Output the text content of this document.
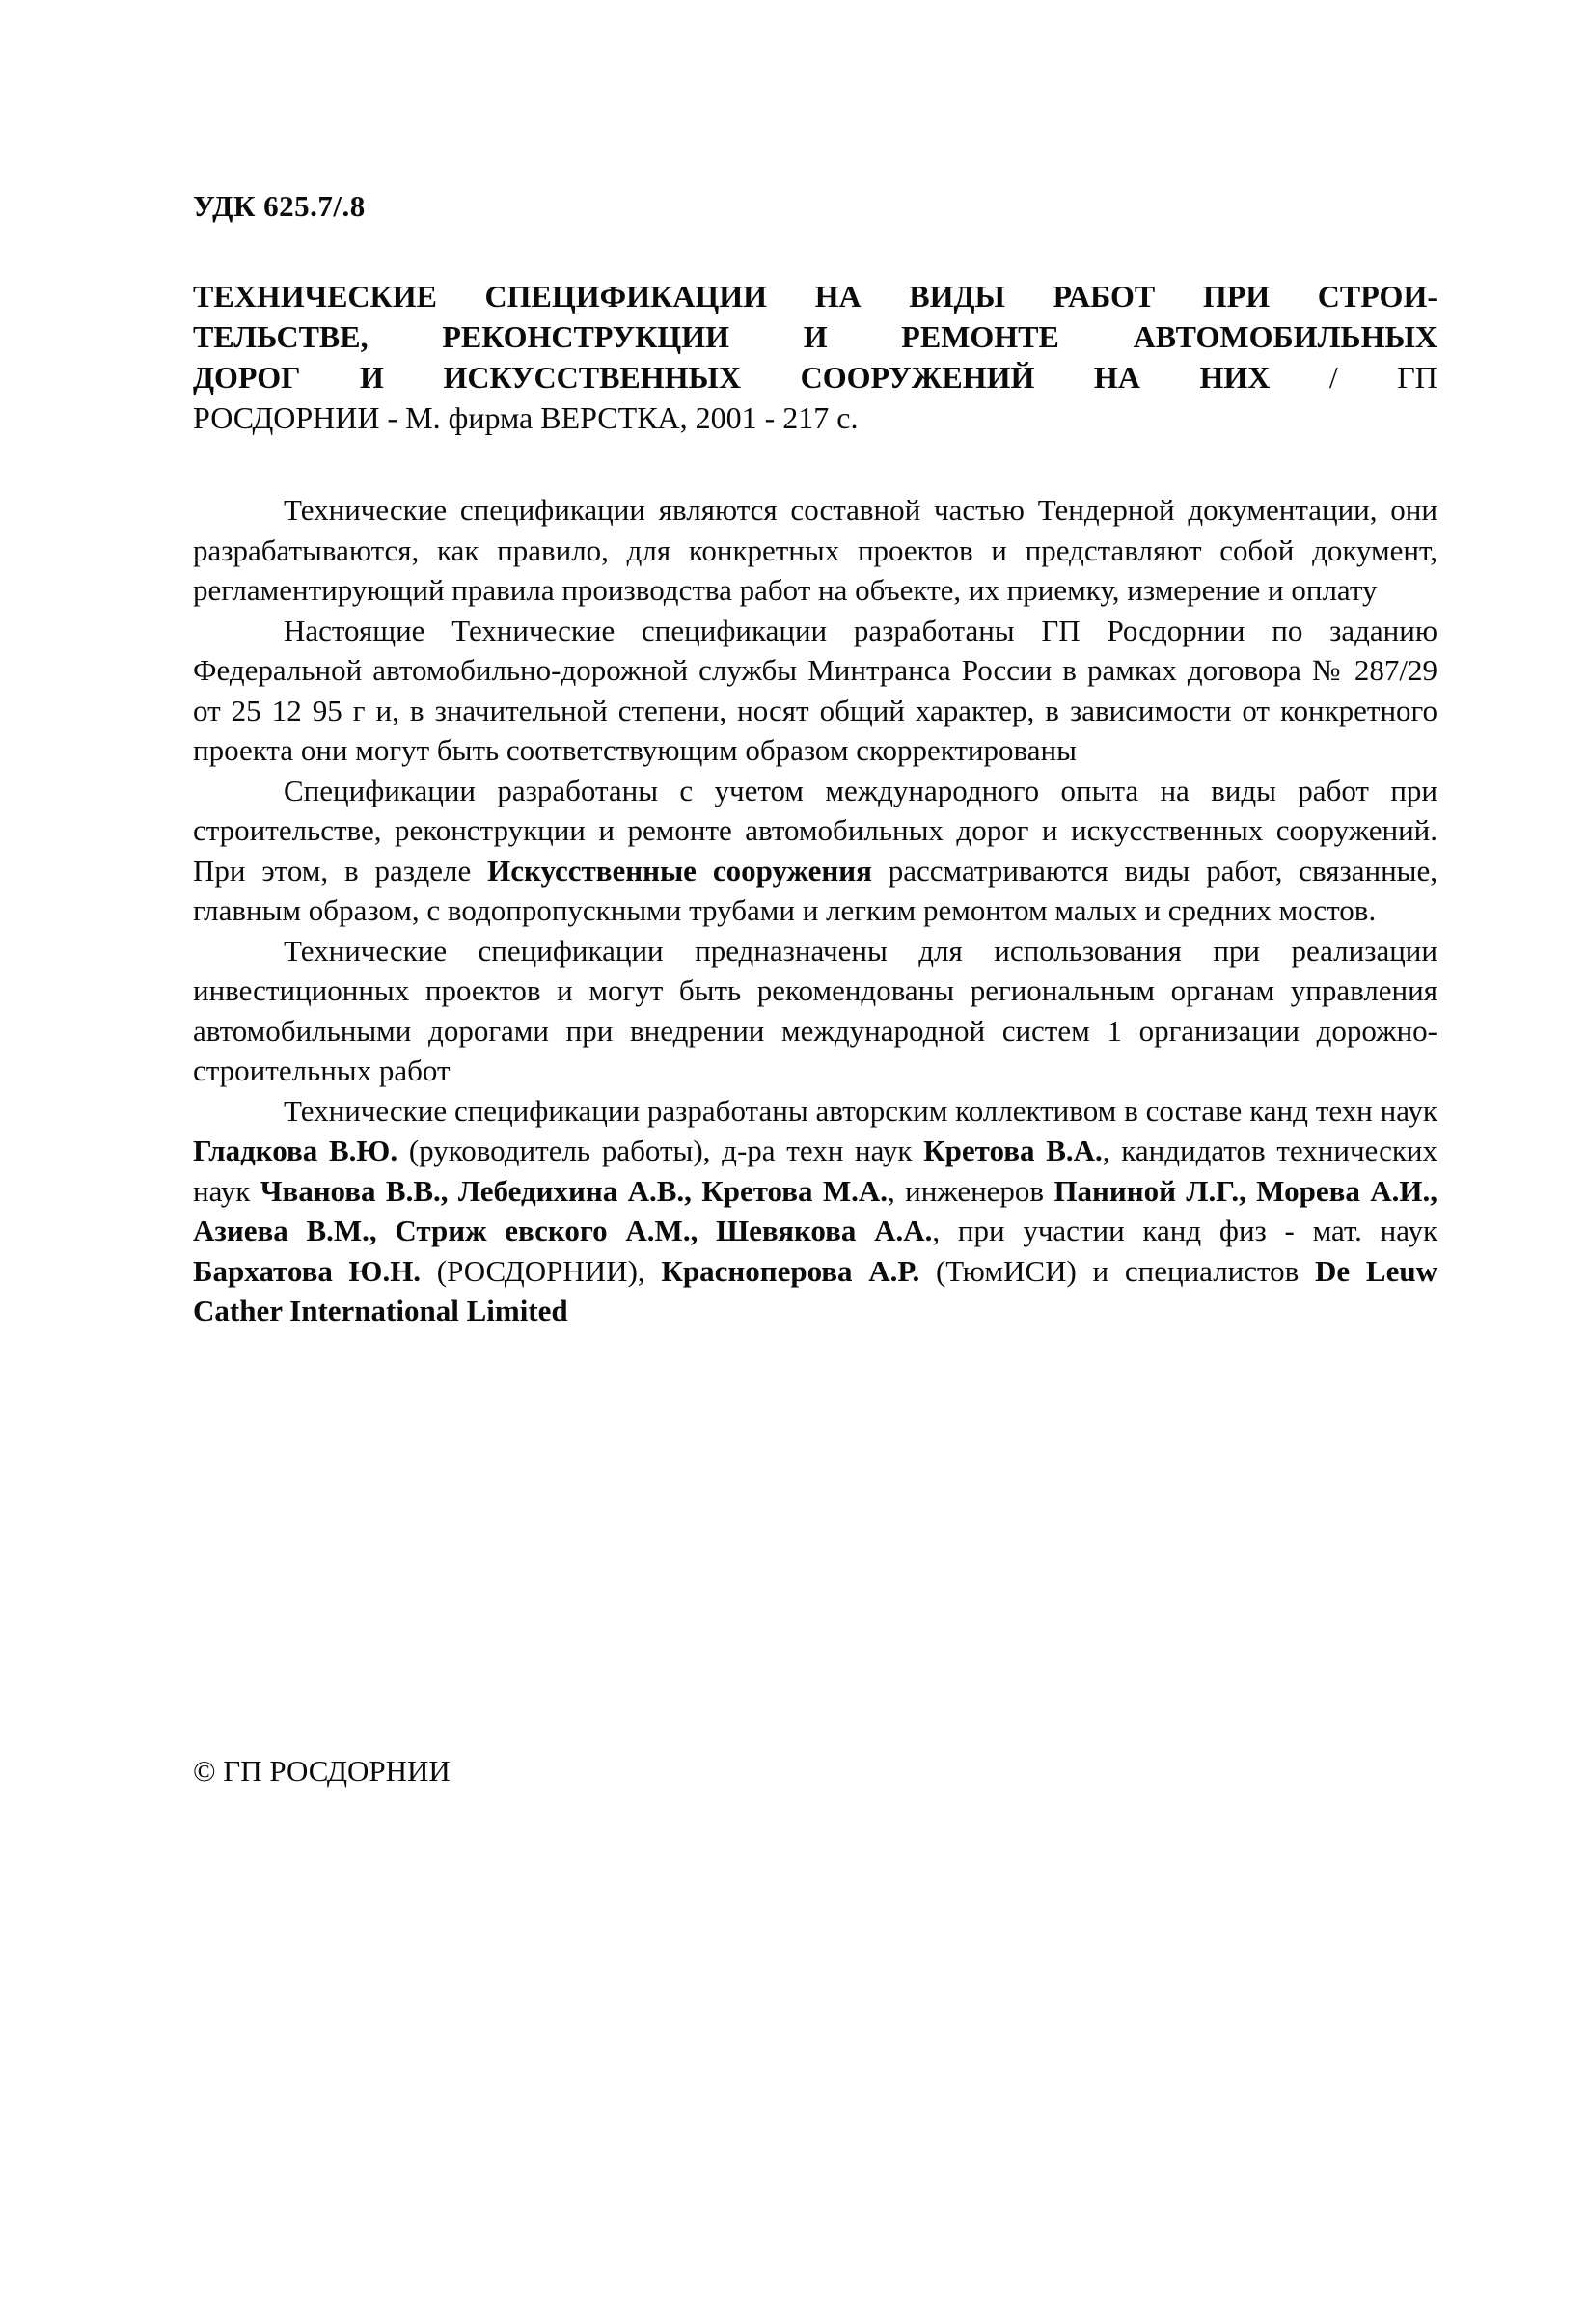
УДК 625.7/.8
ТЕХНИЧЕСКИЕ СПЕЦИФИКАЦИИ НА ВИДЫ РАБОТ ПРИ СТРОИ-
ТЕЛЬСТВЕ, РЕКОНСТРУКЦИИ И РЕМОНТЕ АВТОМОБИЛЬНЫХ
ДОРОГ И ИСКУССТВЕННЫХ СООРУЖЕНИЙ НА НИХ / ГП
РОСДОРНИИ - М. фирма ВЕРСТКА, 2001 - 217 с.

Технические спецификации являются составной частью Тендерной документации, они разрабатываются, как правило, для конкретных проектов и представляют собой документ, регламентирующий правила производства работ на объекте, их приемку, измерение и оплату

Настоящие Технические спецификации разработаны ГП Росдорнии по заданию Федеральной автомобильно-дорожной службы Минтранса России в рамках договора № 287/29 от 25 12 95 г и, в значительной степени, носят общий характер, в зависимости от конкретного проекта они могут быть соответствующим образом скорректированы

Спецификации разработаны с учетом международного опыта на виды работ при строительстве, реконструкции и ремонте автомобильных дорог и искусственных сооружений. При этом, в разделе Искусственные сооружения рассматриваются виды работ, связанные, главным образом, с водопропускными трубами и легким ремонтом малых и средних мостов.

Технические спецификации предназначены для использования при реализации инвестиционных проектов и могут быть рекомендованы региональным органам управления автомобильными дорогами при внедрении международной систем 1 организации дорожно-строительных работ

Технические спецификации разработаны авторским коллективом в составе канд техн наук Гладкова В.Ю. (руководитель работы), д-ра техн наук Кретова В.А., кандидатов технических наук Чванова В.В., Лебедихина А.В., Кретова М.А., инженеров Паниной Л.Г., Морева А.И., Азиева В.М., Стриж евского А.М., Шевякова А.А., при участии канд физ - мат. наук Бархатова Ю.Н. (РОСДОРНИИ), Красноперова А.Р. (ТюмИСИ) и специалистов De Leuw Cather International Limited

© ГП РОСДОРНИИ
